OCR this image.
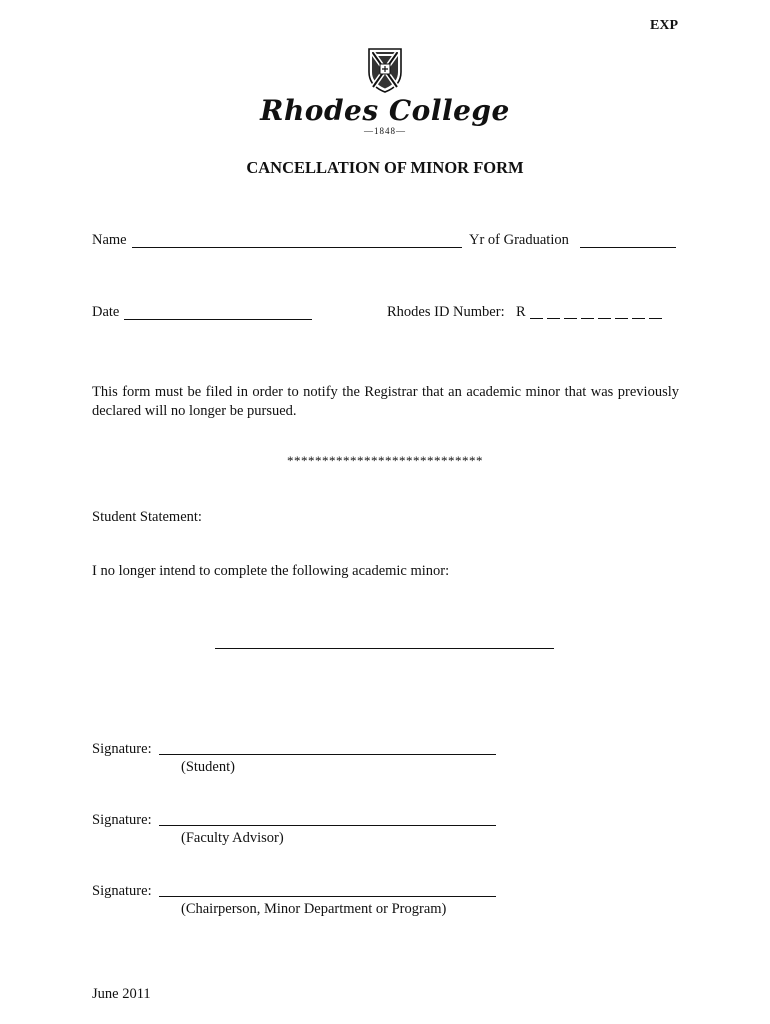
EXP
Rhodes College
—1848—
CANCELLATION OF MINOR FORM
Name	Yr of Graduation
Date	Rhodes ID Number: R
This form must be filed in order to notify the Registrar that an academic minor that was previously declared will no longer be pursued.
****************************
Student Statement:
I no longer intend to complete the following academic minor:
Signature:
(Student)
Signature:
(Faculty Advisor)
Signature:
(Chairperson, Minor Department or Program)
June 2011
